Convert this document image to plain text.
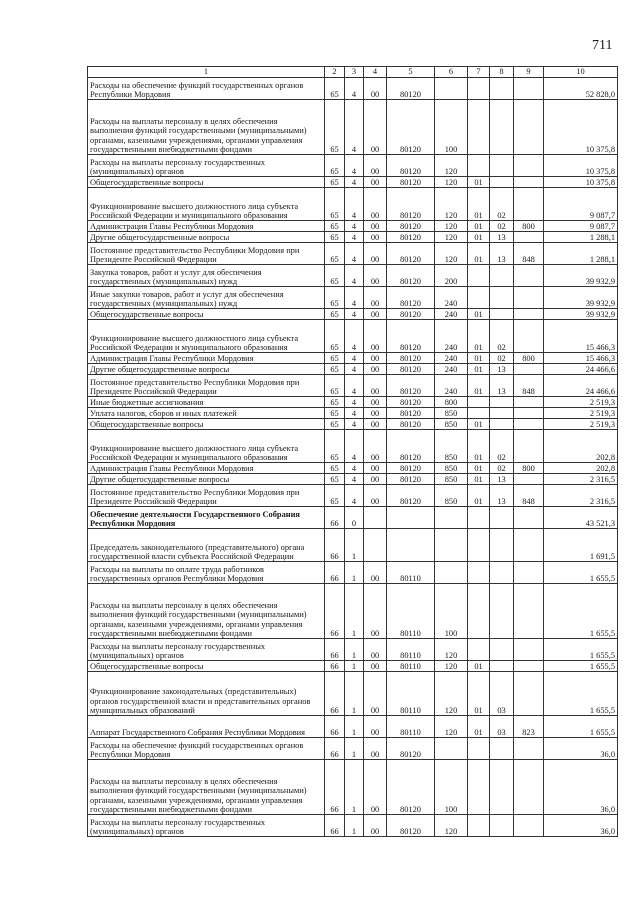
711
1	2	3	4	5	6	7	8	9	10
Расходы на обеспечение функций государственных органов Республики Мордовия	65	4	00	80120					52 828,0
Расходы на выплаты персоналу в целях обеспечения выполнения функций государственными (муниципальными) органами, казенными учреждениями, органами управления государственными внебюджетными фондами	65	4	00	80120	100				10 375,8
Расходы на выплаты персоналу государственных (муниципальных) органов	65	4	00	80120	120				10 375,8
Общегосударственные вопросы	65	4	00	80120	120	01			10 375,8
Функционирование высшего должностного лица субъекта Российской Федерации и муниципального образования	65	4	00	80120	120	01	02		9 087,7
Администрация Главы Республики Мордовия	65	4	00	80120	120	01	02	800	9 087,7
Другие общегосударственные вопросы	65	4	00	80120	120	01	13		1 288,1
Постоянное представительство Республики Мордовия при Президенте Российской Федерации	65	4	00	80120	120	01	13	848	1 288,1
Закупка товаров, работ и услуг для обеспечения государственных (муниципальных) нужд	65	4	00	80120	200				39 932,9
Иные закупки товаров, работ и услуг для обеспечения государственных (муниципальных) нужд	65	4	00	80120	240				39 932,9
Общегосударственные вопросы	65	4	00	80120	240	01			39 932,9
Функционирование высшего должностного лица субъекта Российской Федерации и муниципального образования	65	4	00	80120	240	01	02		15 466,3
Администрация Главы Республики Мордовия	65	4	00	80120	240	01	02	800	15 466,3
Другие общегосударственные вопросы	65	4	00	80120	240	01	13		24 466,6
Постоянное представительство Республики Мордовия при Президенте Российской Федерации	65	4	00	80120	240	01	13	848	24 466,6
Иные бюджетные ассигнования	65	4	00	80120	800				2 519,3
Уплата налогов, сборов и иных платежей	65	4	00	80120	850				2 519,3
Общегосударственные вопросы	65	4	00	80120	850	01			2 519,3
Функционирование высшего должностного лица субъекта Российской Федерации и муниципального образования	65	4	00	80120	850	01	02		202,8
Администрация Главы Республики Мордовия	65	4	00	80120	850	01	02	800	202,8
Другие общегосударственные вопросы	65	4	00	80120	850	01	13		2 316,5
Постоянное представительство Республики Мордовия при Президенте Российской Федерации	65	4	00	80120	850	01	13	848	2 316,5
Обеспечение деятельности Государственного Собрания Республики Мордовия	66	0							43 521,3
Председатель законодательного (представительного) органа государственной власти субъекта Российской Федерации	66	1							1 691,5
Расходы на выплаты по оплате труда работников государственных органов Республики Мордовия	66	1	00	80110					1 655,5
Расходы на выплаты персоналу в целях обеспечения выполнения функций государственными (муниципальными) органами, казенными учреждениями, органами управления государственными внебюджетными фондами	66	1	00	80110	100				1 655,5
Расходы на выплаты персоналу государственных (муниципальных) органов	66	1	00	80110	120				1 655,5
Общегосударственные вопросы	66	1	00	80110	120	01			1 655,5
Функционирование законодательных (представительных) органов государственной власти и представительных органов муниципальных образований	66	1	00	80110	120	01	03		1 655,5
Аппарат Государственного Собрания Республики Мордовия	66	1	00	80110	120	01	03	823	1 655,5
Расходы на обеспечение функций государственных органов Республики Мордовия	66	1	00	80120					36,0
Расходы на выплаты персоналу в целях обеспечения выполнения функций государственными (муниципальными) органами, казенными учреждениями, органами управления государственными внебюджетными фондами	66	1	00	80120	100				36,0
Расходы на выплаты персоналу государственных (муниципальных) органов	66	1	00	80120	120				36,0
